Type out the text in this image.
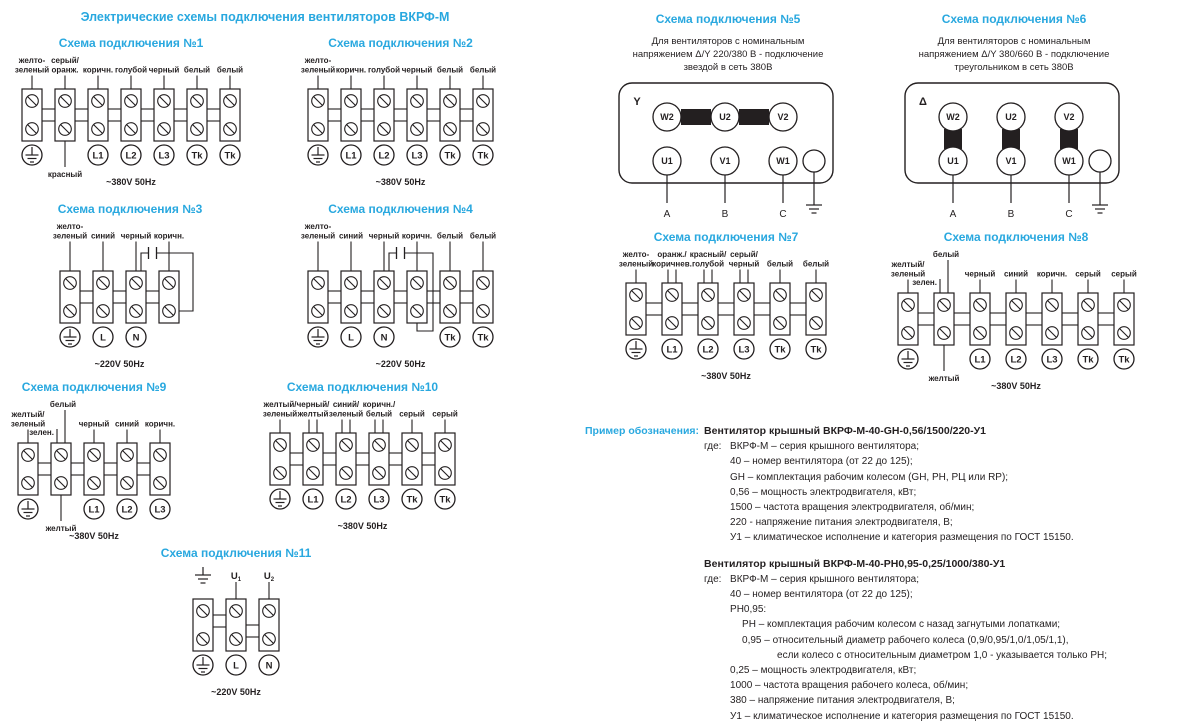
Электрические схемы подключения вентиляторов ВКРФ-М
Схема подключения №1
желто-
зеленый
серый/
оранж.
красный
коричн.
L1
голубой
L2
черный
L3
белый
Tk
белый
Tk
~380V 50Hz
Схема подключения №2
желто-
зеленый коричн.
L1
голубой
L2
черный
L3
белый
Tk
белый
Tk
~380V 50Hz
Схема подключения №3
желто-
зеленый синий
L
черный
N
коричн.
~220V 50Hz
Схема подключения №4
желто-
зеленый синий
L
черный
N
коричн. белый
Tk
белый
Tk
~220V 50Hz
Схема подключения №9
желтый/
зеленый
белый
зелен.
желтый
черный
L1
синий
L2
коричн.
L3
~380V 50Hz
Схема подключения №10
желтый/
зеленый
черный/
желтый
L1
синий/
зеленый
L2
коричн./
белый
L3
серый
Tk
серый
Tk
~380V 50Hz
Схема подключения №11
$U_1$
L
$U_2$
N
~220V 50Hz
Схема подключения №5
Для вентиляторов с номинальным
напряжением Δ/Y 220/380 В - подключение
звездой в сеть 380В
Y
W2	U2	V2
U1	V1	W1
A	B	C
Схема подключения №6
Для вентиляторов с номинальным
напряжением Δ/Y 380/660 В - подключение
треугольником в сеть 380В
Δ
W2	U2	V2
U1	V1	W1
A	B	C
Схема подключения №7
желто-
зеленый
оранж./
коричнев.
L1
красный/
голубой
L2
серый/
черный
L3
белый
Tk
белый
Tk
~380V 50Hz
Схема подключения №8
желтый/
зеленый
белый
зелен.
желтый
черный
L1
синий
L2
коричн.
L3
серый
Tk
серый
Tk
~380V 50Hz
Пример обозначения: Вентилятор крышный ВКРФ-М-40-GH-0,56/1500/220-У1
где: ВКРФ-М – серия крышного вентилятора;
40 – номер вентилятора (от 22 до 125);
GH – комплектация рабочим колесом (GH, РН, РЦ или RP);
0,56 – мощность электродвигателя, кВт;
1500 – частота вращения электродвигателя, об/мин;
220 - напряжение питания электродвигателя, В;
У1 – климатическое исполнение и категория размещения по ГОСТ 15150.
Вентилятор крышный ВКРФ-М-40-РН0,95-0,25/1000/380-У1
где: ВКРФ-М – серия крышного вентилятора;
40 – номер вентилятора (от 22 до 125);
РН0,95:
РН – комплектация рабочим колесом с назад загнутыми лопатками;
0,95 – относительный диаметр рабочего колеса (0,9/0,95/1,0/1,05/1,1),
если колесо с относительным диаметром 1,0 - указывается только РН;
0,25 – мощность электродвигателя, кВт;
1000 – частота вращения рабочего колеса, об/мин;
380 – напряжение питания электродвигателя, В;
У1 – климатическое исполнение и категория размещения по ГОСТ 15150.
